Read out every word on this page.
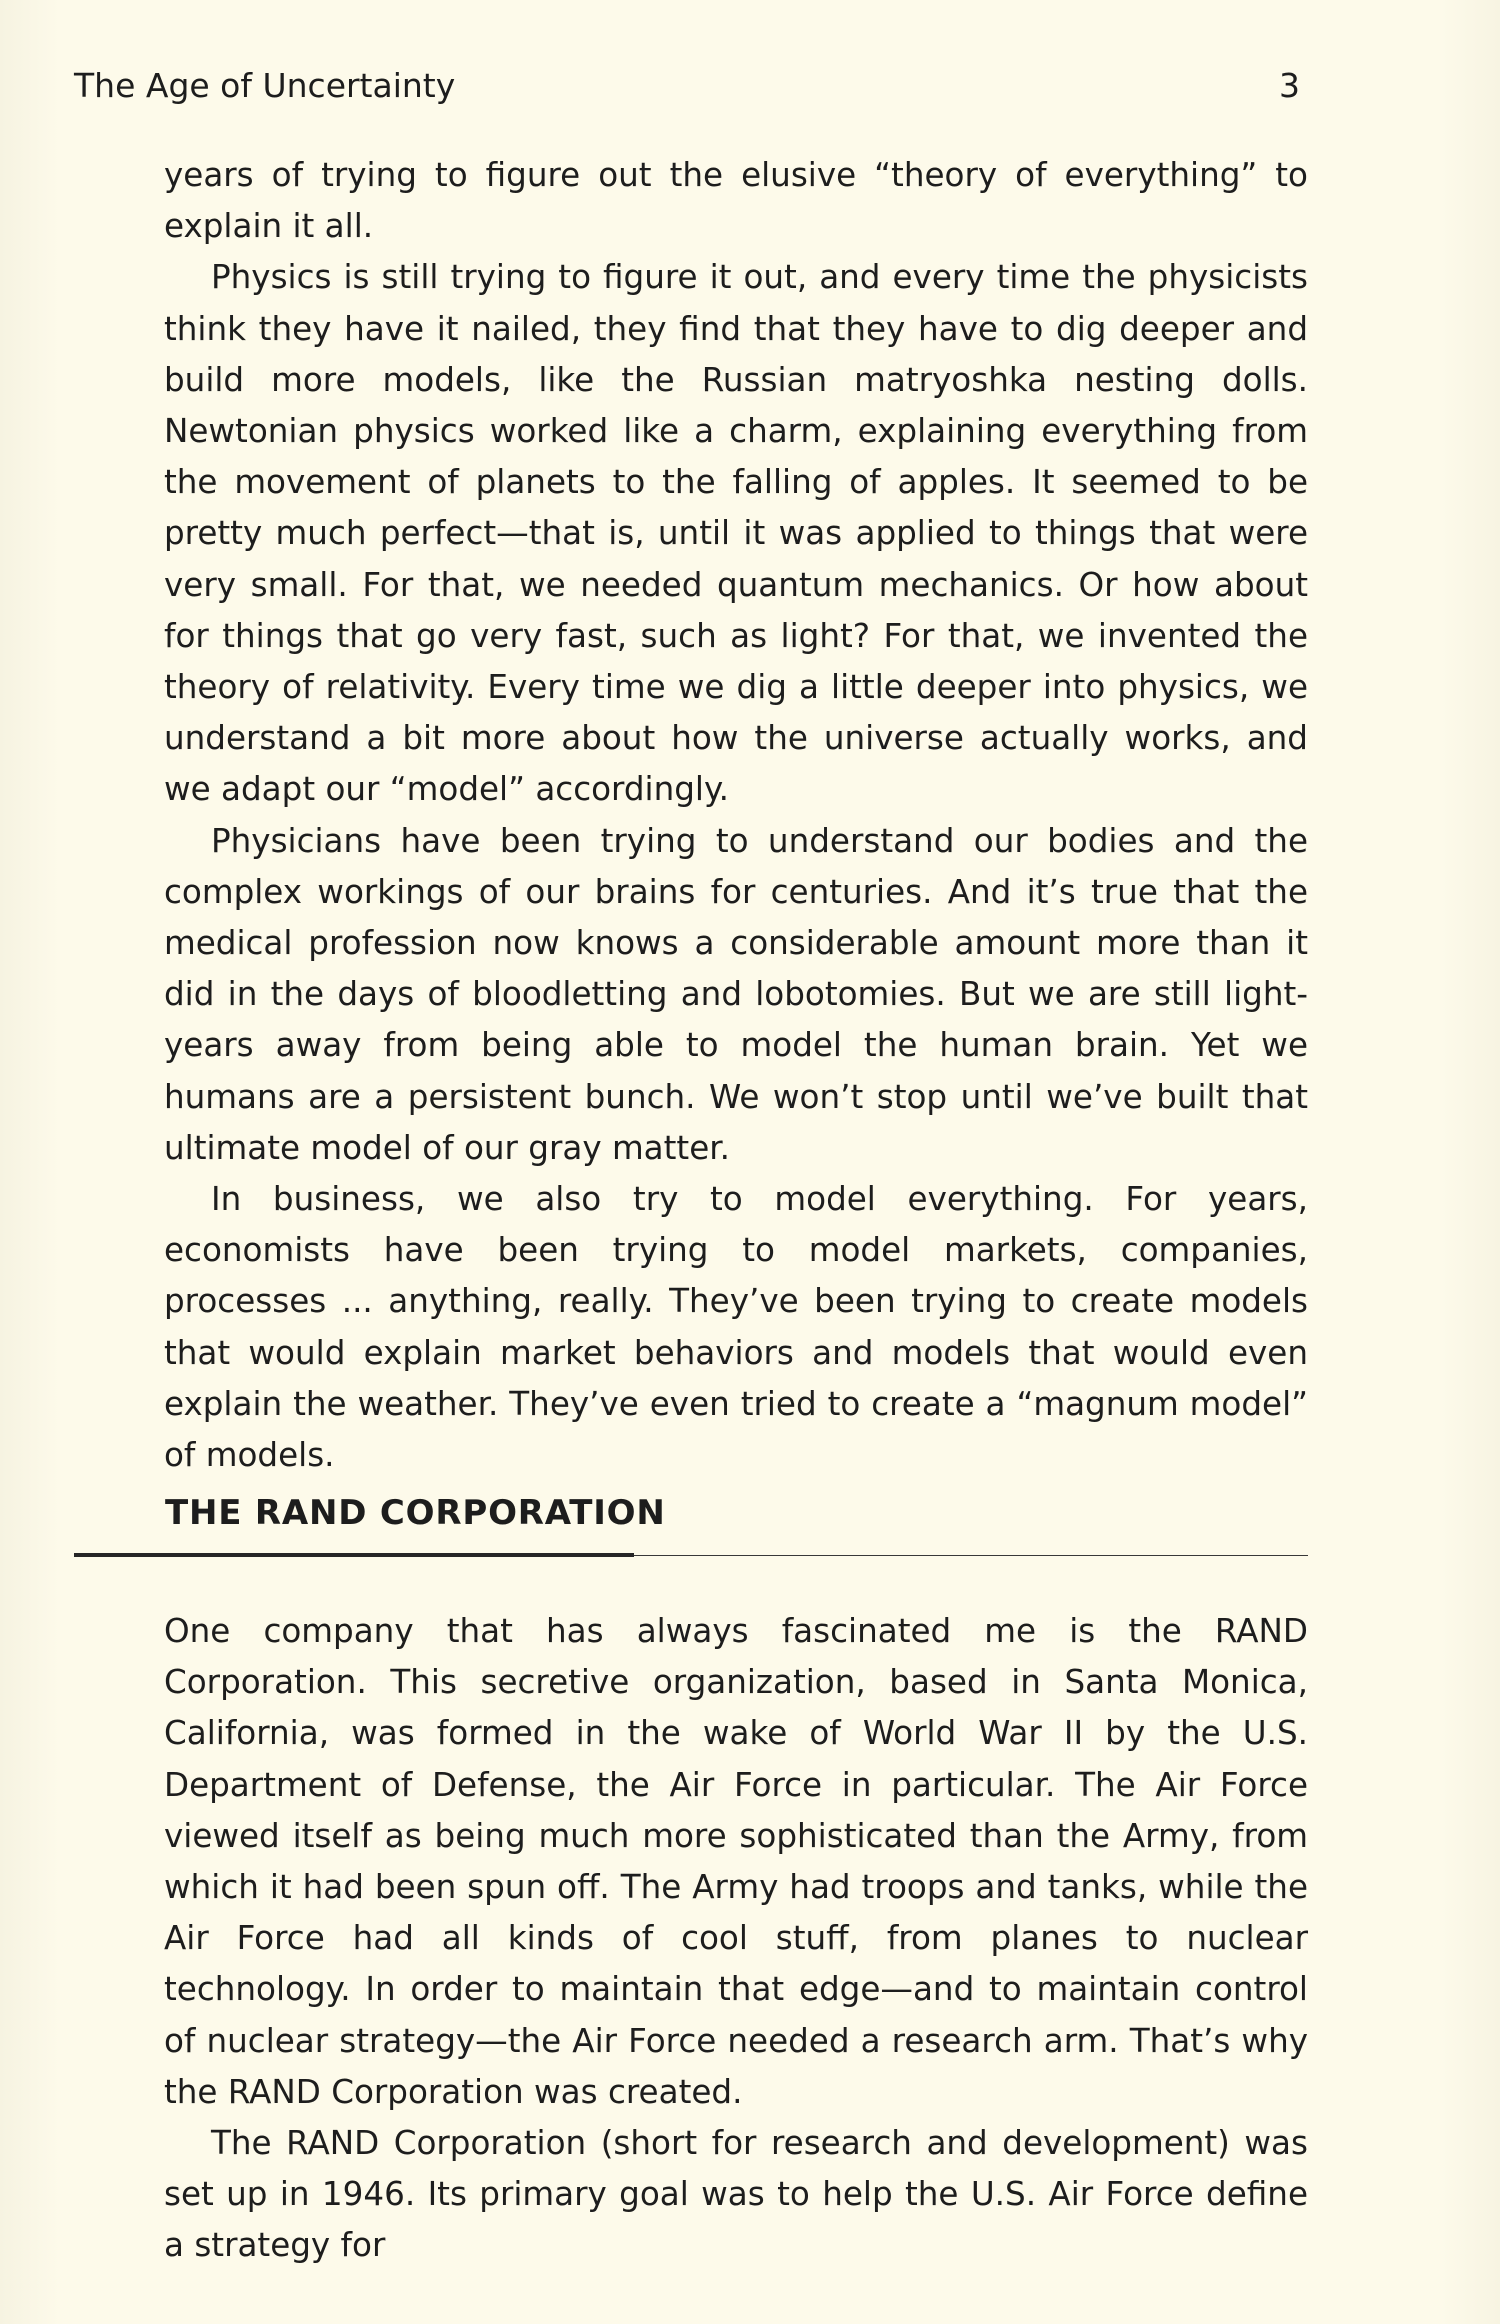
The Age of Uncertainty	3

years of trying to figure out the elusive “theory of everything” to explain it all.

Physics is still trying to figure it out, and every time the physicists think they have it nailed, they find that they have to dig deeper and build more models, like the Russian matryoshka nesting dolls. Newtonian physics worked like a charm, explaining everything from the movement of planets to the falling of apples. It seemed to be pretty much perfect—that is, until it was applied to things that were very small. For that, we needed quantum mechanics. Or how about for things that go very fast, such as light? For that, we invented the theory of relativity. Every time we dig a little deeper into physics, we understand a bit more about how the universe actually works, and we adapt our “model” accordingly.

Physicians have been trying to understand our bodies and the complex workings of our brains for centuries. And it’s true that the medical profession now knows a considerable amount more than it did in the days of bloodletting and lobotomies. But we are still light-years away from being able to model the human brain. Yet we humans are a persistent bunch. We won’t stop until we’ve built that ultimate model of our gray matter.

In business, we also try to model everything. For years, economists have been trying to model markets, companies, processes ... anything, really. They’ve been trying to create models that would explain market behaviors and models that would even explain the weather. They’ve even tried to create a “magnum model” of models.

THE RAND CORPORATION

One company that has always fascinated me is the RAND Corporation. This secretive organization, based in Santa Monica, California, was formed in the wake of World War II by the U.S. Department of Defense, the Air Force in particular. The Air Force viewed itself as being much more sophisticated than the Army, from which it had been spun off. The Army had troops and tanks, while the Air Force had all kinds of cool stuff, from planes to nuclear technology. In order to maintain that edge—and to maintain control of nuclear strategy—the Air Force needed a research arm. That’s why the RAND Corporation was created.

The RAND Corporation (short for research and development) was set up in 1946. Its primary goal was to help the U.S. Air Force define a strategy for
